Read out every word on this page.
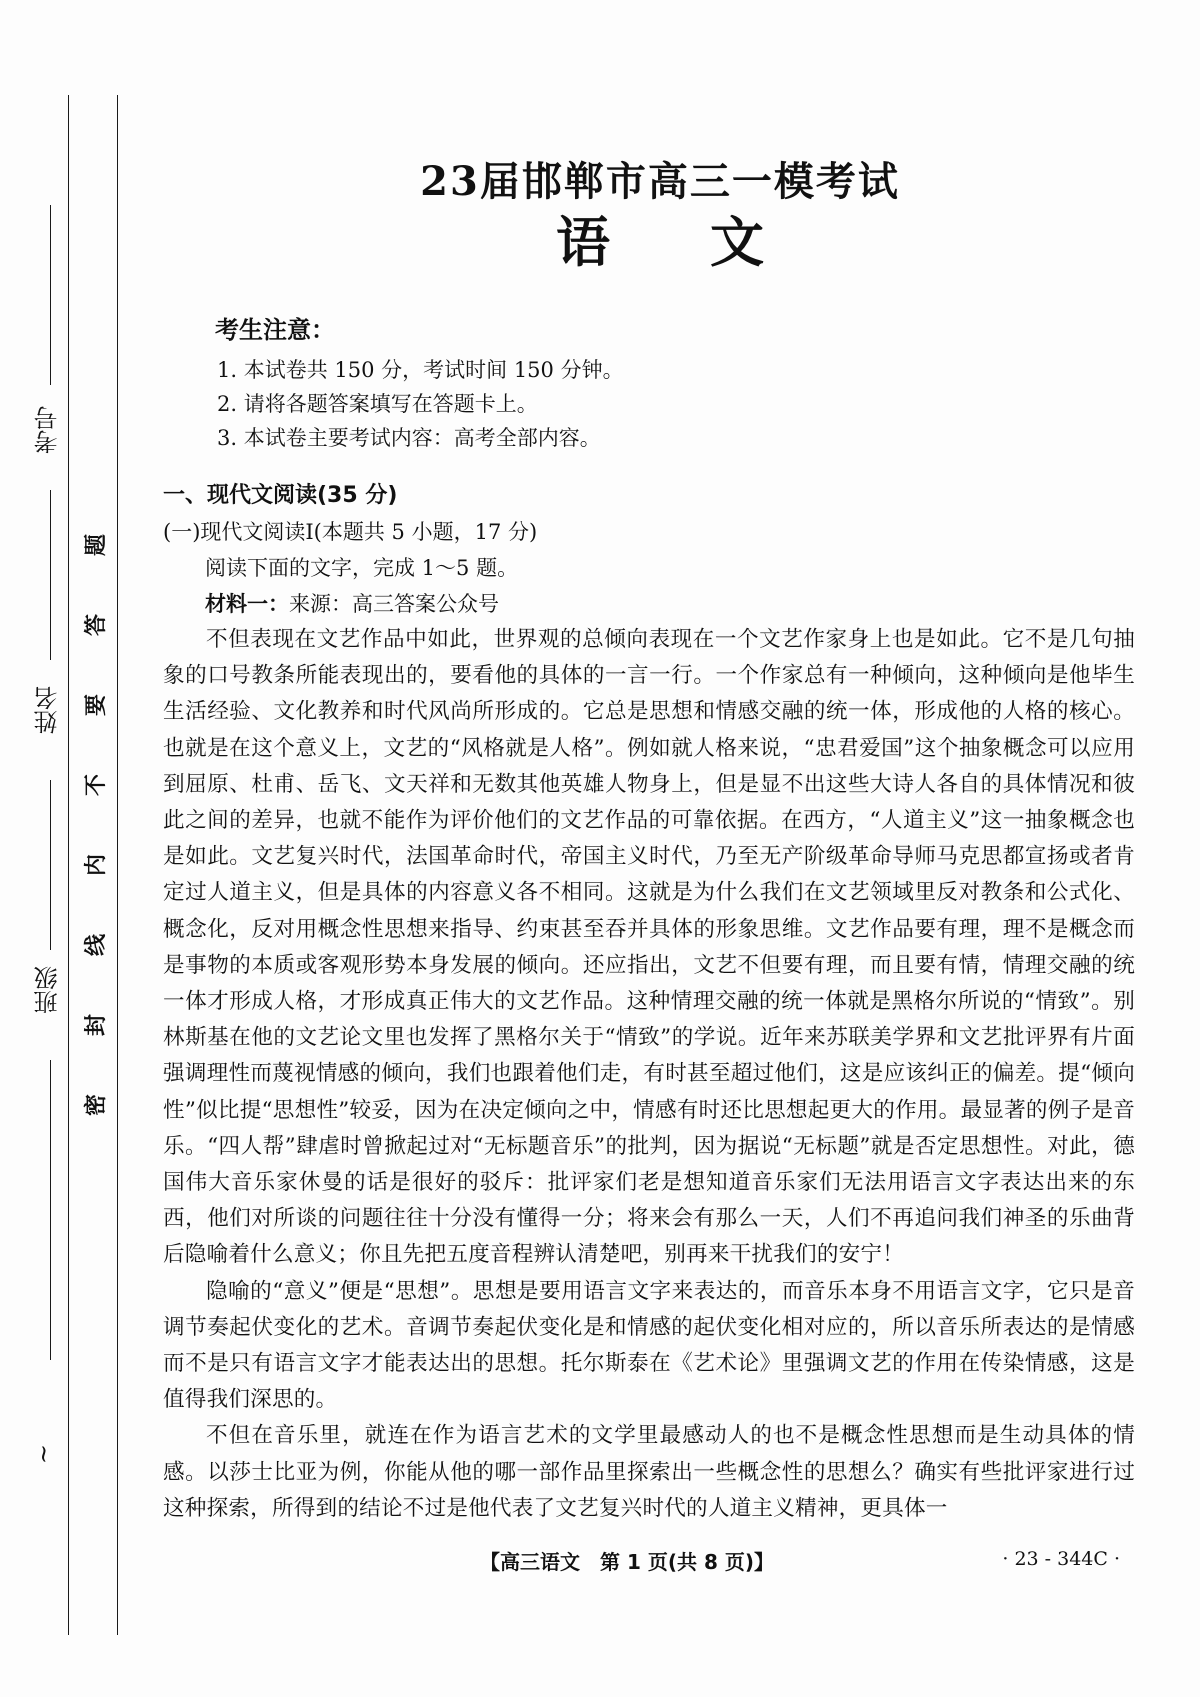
考号
姓名
班级
密
封
线
内
不
要
答
题
~
23届邯郸市高三一模考试
语文
考生注意：
1. 本试卷共 150 分，考试时间 150 分钟。
2. 请将各题答案填写在答题卡上。
3. 本试卷主要考试内容：高考全部内容。
一、现代文阅读(35 分)
(一)现代文阅读Ⅰ(本题共 5 小题，17 分)
阅读下面的文字，完成 1～5 题。
材料一：来源：高三答案公众号

不但表现在文艺作品中如此，世界观的总倾向表现在一个文艺作家身上也是如此。它不是几句抽象的口号教条所能表现出的，要看他的具体的一言一行。一个作家总有一种倾向，这种倾向是他毕生生活经验、文化教养和时代风尚所形成的。它总是思想和情感交融的统一体，形成他的人格的核心。也就是在这个意义上，文艺的“风格就是人格”。例如就人格来说，“忠君爱国”这个抽象概念可以应用到屈原、杜甫、岳飞、文天祥和无数其他英雄人物身上，但是显不出这些大诗人各自的具体情况和彼此之间的差异，也就不能作为评价他们的文艺作品的可靠依据。在西方，“人道主义”这一抽象概念也是如此。文艺复兴时代，法国革命时代，帝国主义时代，乃至无产阶级革命导师马克思都宣扬或者肯定过人道主义，但是具体的内容意义各不相同。这就是为什么我们在文艺领域里反对教条和公式化、概念化，反对用概念性思想来指导、约束甚至吞并具体的形象思维。文艺作品要有理，理不是概念而是事物的本质或客观形势本身发展的倾向。还应指出，文艺不但要有理，而且要有情，情理交融的统一体才形成人格，才形成真正伟大的文艺作品。这种情理交融的统一体就是黑格尔所说的“情致”。别林斯基在他的文艺论文里也发挥了黑格尔关于“情致”的学说。近年来苏联美学界和文艺批评界有片面强调理性而蔑视情感的倾向，我们也跟着他们走，有时甚至超过他们，这是应该纠正的偏差。提“倾向性”似比提“思想性”较妥，因为在决定倾向之中，情感有时还比思想起更大的作用。最显著的例子是音乐。“四人帮”肆虐时曾掀起过对“无标题音乐”的批判，因为据说“无标题”就是否定思想性。对此，德国伟大音乐家休曼的话是很好的驳斥：批评家们老是想知道音乐家们无法用语言文字表达出来的东西，他们对所谈的问题往往十分没有懂得一分；将来会有那么一天，人们不再追问我们神圣的乐曲背后隐喻着什么意义；你且先把五度音程辨认清楚吧，别再来干扰我们的安宁！

隐喻的“意义”便是“思想”。思想是要用语言文字来表达的，而音乐本身不用语言文字，它只是音调节奏起伏变化的艺术。音调节奏起伏变化是和情感的起伏变化相对应的，所以音乐所表达的是情感而不是只有语言文字才能表达出的思想。托尔斯泰在《艺术论》里强调文艺的作用在传染情感，这是值得我们深思的。

不但在音乐里，就连在作为语言艺术的文学里最感动人的也不是概念性思想而是生动具体的情感。以莎士比亚为例，你能从他的哪一部作品里探索出一些概念性的思想么？确实有些批评家进行过这种探索，所得到的结论不过是他代表了文艺复兴时代的人道主义精神，更具体一

【高三语文　第 1 页(共 8 页)】	· 23 - 344C ·
